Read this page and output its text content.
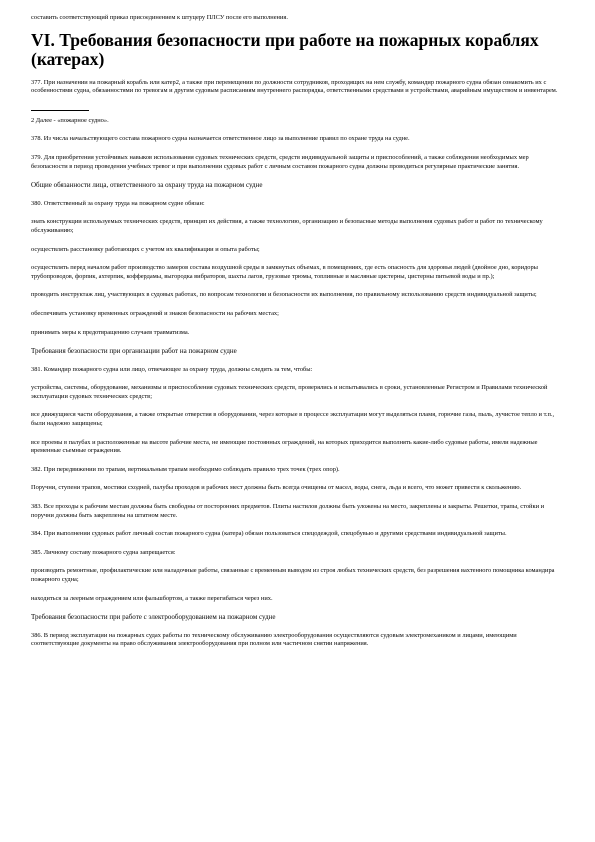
составить соответствующий приказ присоединением к штуцеру ПЛСУ после его выполнения.

VI. Требования безопасности при работе на пожарных кораблях (катерах)

377. При назначении на пожарный корабль или катер2, а также при перемещении по должности сотрудников, проходящих на нем службу, командир пожарного судна обязан ознакомить их с особенностями судна, обязанностями по тревогам и другим судовым расписаниям внутреннего распорядка, ответственными средствами и устройствами, аварийным имуществом и инвентарем.

2 Далее - «пожарное судно».

378. Из числа начальствующего состава пожарного судна назначается ответственное лицо за выполнение правил по охране труда на судне.

379. Для приобретения устойчивых навыков использования судовых технических средств, средств индивидуальной защиты и приспособлений, а также соблюдения необходимых мер безопасности в период проведения учебных тревог и при выполнении судовых работ с личным составом пожарного судна должны проводиться регулярные практические занятия.

Общие обязанности лица, ответственного за охрану труда на пожарном судне

380. Ответственный за охрану труда на пожарном судне обязан:

знать конструкции используемых технических средств, принцип их действия, а также технологию, организацию и безопасные методы выполнения судовых работ и работ по техническому обслуживанию;

осуществлять расстановку работающих с учетом их квалификации и опыта работы;

осуществлять перед началом работ производство замеров состава воздушной среды в замкнутых объемах, в помещениях, где есть опасность для здоровья людей (двойное дно, коридоры трубопроводов, форпик, ахтерпик, коффердамы, выгородка вибраторов, шахты лагов, грузовые трюмы, топливные и масляные цистерны, цистерны питьевой воды и пр.);

проводить инструктаж лиц, участвующих в судовых работах, по вопросам технологии и безопасности их выполнения, по правильному использованию средств индивидуальной защиты;

обеспечивать установку временных ограждений и знаков безопасности на рабочих местах;

принимать меры к предотвращению случаев травматизма.

Требования безопасности при организации работ на пожарном судне

381. Командир пожарного судна или лицо, отвечающее за охрану труда, должны следить за тем, чтобы:

устройства, системы, оборудование, механизмы и приспособления судовых технических средств, проверялись и испытывались в сроки, установленные Регистром и Правилами технической эксплуатации судовых технических средств;

все движущиеся части оборудования, а также открытые отверстия в оборудовании, через которые в процессе эксплуатации могут выделяться пламя, горючие газы, пыль, лучистое тепло и т.п., были надежно защищены;

все проемы в палубах и расположенные на высоте рабочие места, не имеющие постоянных ограждений, на которых приходится выполнять какие-либо судовые работы, имели надежные временные съемные ограждения.

382. При передвижении по трапам, вертикальным трапам необходимо соблюдать правило трех точек (трех опор).

Поручни, ступени трапов, мостики сходней, палубы проходов и рабочих мест должны быть всегда очищены от масел, воды, снега, льда и всего, что может привести к скольжению.

383. Все проходы к рабочим местам должны быть свободны от посторонних предметов. Плиты настилов должны быть уложены на место, закреплены и закрыты. Решетки, трапы, стойки и поручни должны быть закреплены на штатном месте.

384. При выполнении судовых работ личный состав пожарного судна (катера) обязан пользоваться спецодеждой, спецобувью и другими средствами индивидуальной защиты.

385. Личному составу пожарного судна запрещается:

производить ремонтные, профилактические или наладочные работы, связанные с временным выводом из строя любых технических средств, без разрешения вахтенного помощника командира пожарного судна;

находиться за леерным ограждением или фальшбортом, а также перегибаться через них.

Требования безопасности при работе с электрооборудованием на пожарном судне

386. В период эксплуатации на пожарных судах работы по техническому обслуживанию электрооборудования осуществляются судовым электромехаником и лицами, имеющими соответствующие документы на право обслуживания электрооборудования при полном или частичном снятии напряжения.
